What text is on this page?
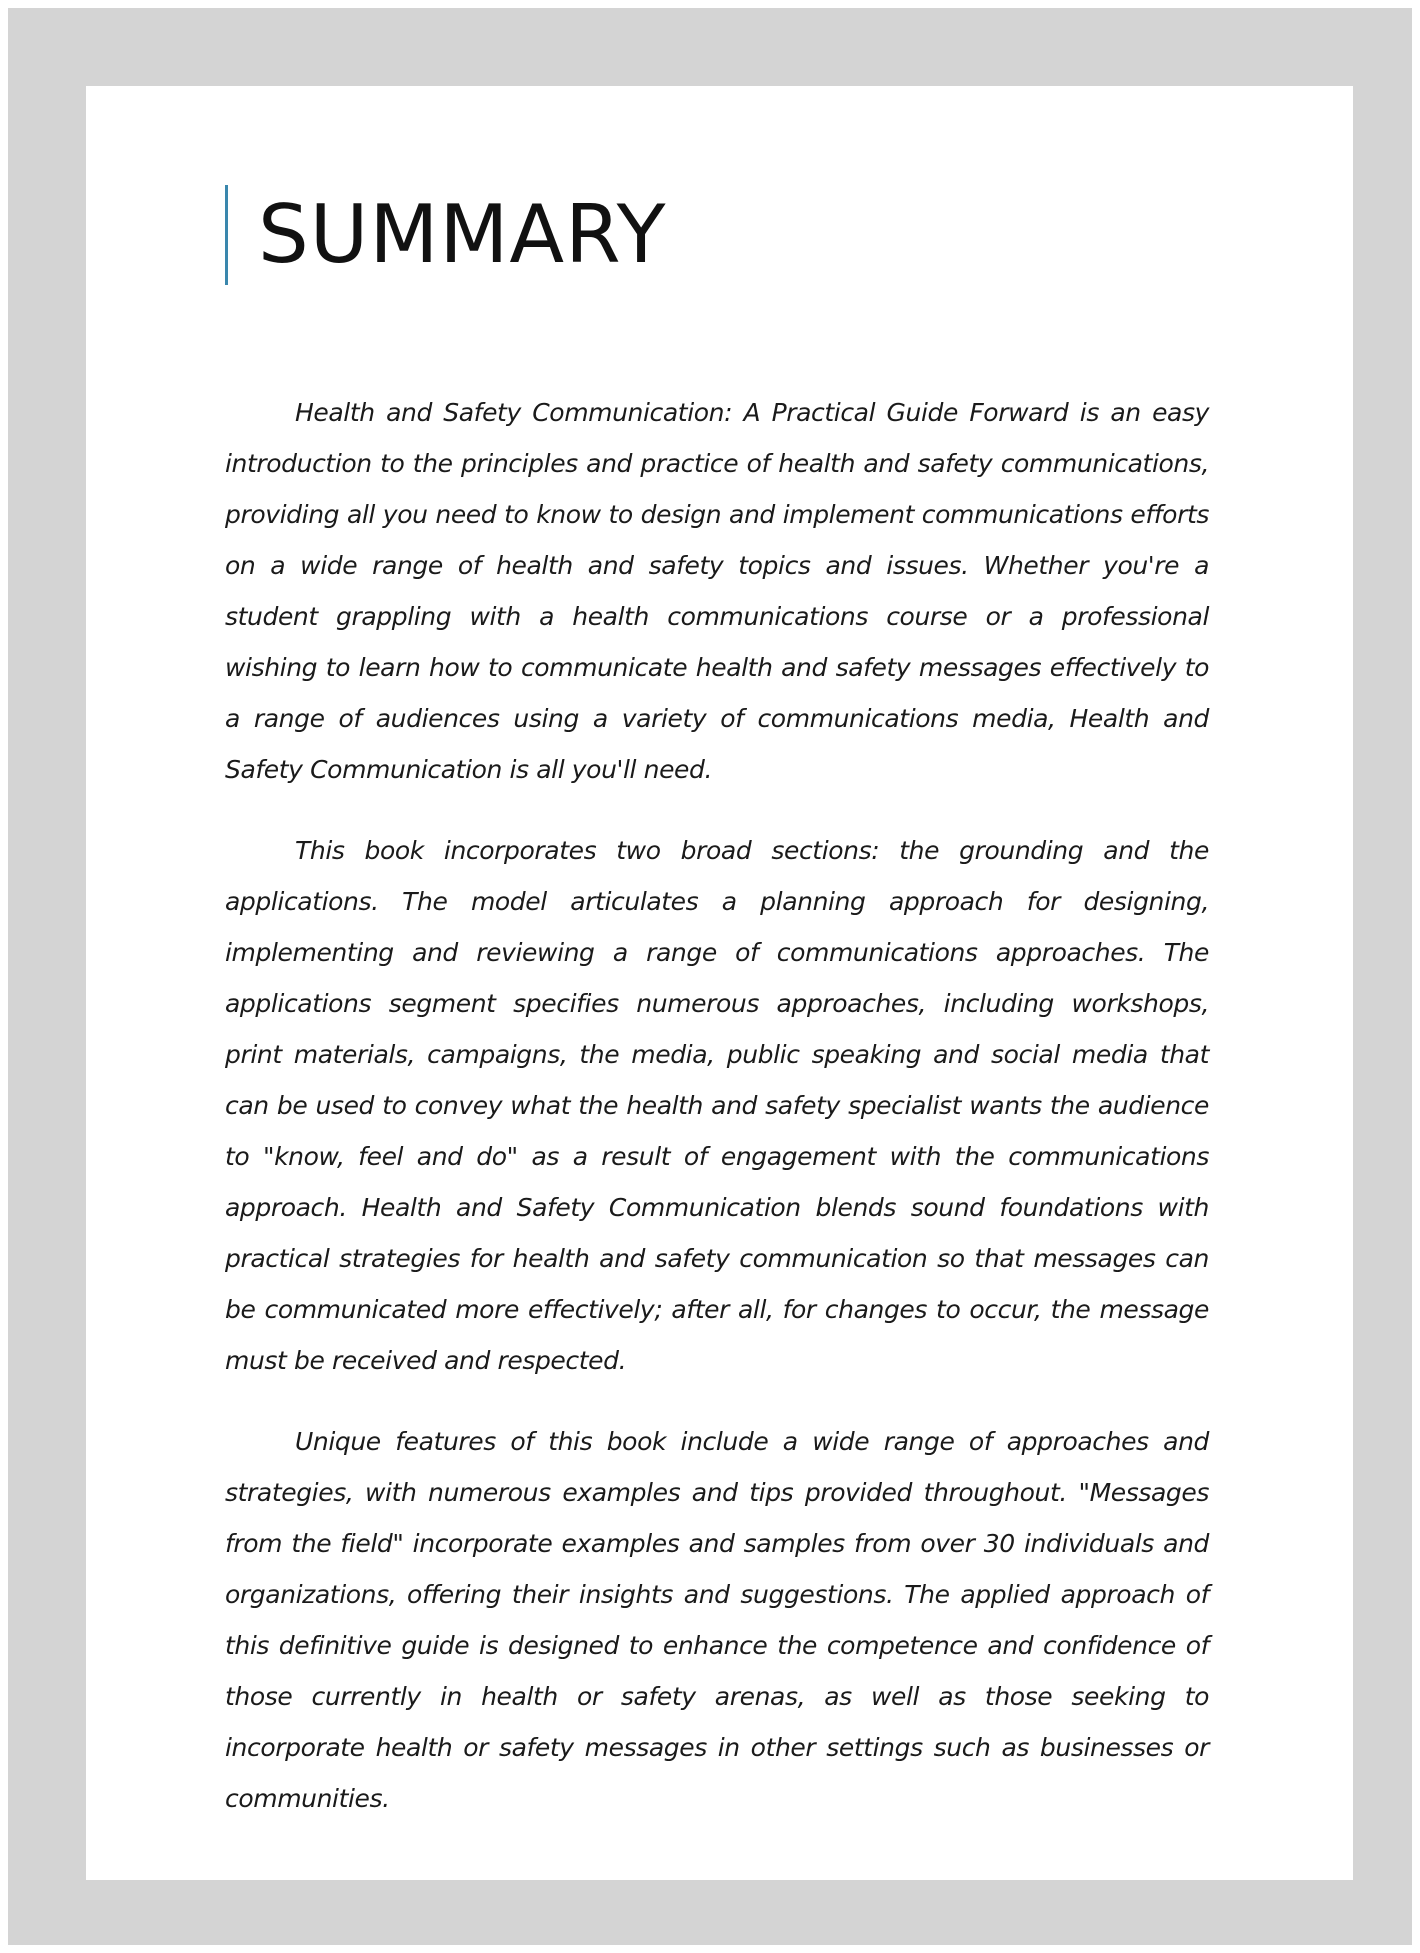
SUMMARY

Health and Safety Communication: A Practical Guide Forward is an easy introduction to the principles and practice of health and safety communications, providing all you need to know to design and implement communications efforts on a wide range of health and safety topics and issues. Whether you're a student grappling with a health communications course or a professional wishing to learn how to communicate health and safety messages effectively to a range of audiences using a variety of communications media, Health and Safety Communication is all you'll need.

This book incorporates two broad sections: the grounding and the applications. The model articulates a planning approach for designing, implementing and reviewing a range of communications approaches. The applications segment specifies numerous approaches, including workshops, print materials, campaigns, the media, public speaking and social media that can be used to convey what the health and safety specialist wants the audience to "know, feel and do" as a result of engagement with the communications approach. Health and Safety Communication blends sound foundations with practical strategies for health and safety communication so that messages can be communicated more effectively; after all, for changes to occur, the message must be received and respected.

Unique features of this book include a wide range of approaches and strategies, with numerous examples and tips provided throughout. "Messages from the field" incorporate examples and samples from over 30 individuals and organizations, offering their insights and suggestions. The applied approach of this definitive guide is designed to enhance the competence and confidence of those currently in health or safety arenas, as well as those seeking to incorporate health or safety messages in other settings such as businesses or communities.
